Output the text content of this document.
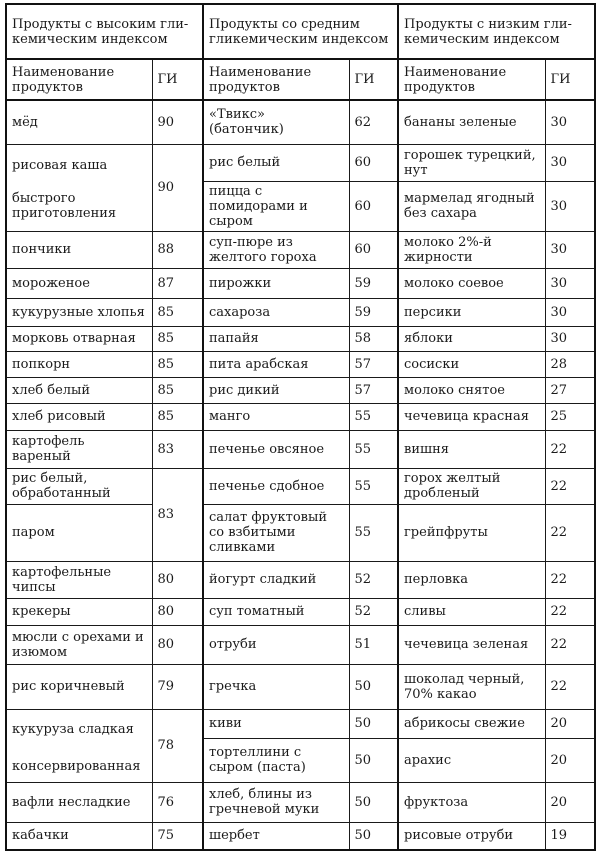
Продукты с высоким гли-кемическим индексом		Продукты со средним гликемическим индексом		Продукты с низким гли-кемическим индексом	
Наименование продуктов	ГИ	Наименование продуктов	ГИ	Наименование продуктов	ГИ
мёд	90	«Твикс» (батончик)	62	бананы зеленые	30

рисовая каша
быстрого приготовления	90	рис белый	60	горошек турецкий, нут	30
		пицца с помидорами и сыром	60	мармелад ягодный без сахара	30
пончики	88	суп-пюре из желтого гороха	60	молоко 2%-й жирности	30
мороженое	87	пирожки	59	молоко соевое	30
кукурузные хлопья	85	сахароза	59	персики	30
морковь отварная	85	папайя	58	яблоки	30
попкорн	85	пита арабская	57	сосиски	28
хлеб белый	85	рис дикий	57	молоко снятое	27
хлеб рисовый	85	манго	55	чечевица красная	25
картофель вареный	83	печенье овсяное	55	вишня	22
рис белый, обработанный	83	печенье сдобное	55	горох желтый дробленый	22
паром		салат фруктовый со взбитыми сливками	55	грейпфруты	22
картофельные чипсы	80	йогурт сладкий	52	перловка	22
крекеры	80	суп томатный	52	сливы	22
мюсли с орехами и изюмом	80	отруби	51	чечевица зеленая	22
рис коричневый	79	гречка	50	шоколад черный, 70% какао	22

кукуруза сладкая
консервированная	78	киви	50	абрикосы свежие	20
		тортеллини с сыром (паста)	50	арахис	20
вафли несладкие	76	хлеб, блины из гречневой муки	50	фруктоза	20
кабачки	75	шербет	50	рисовые отруби	19
